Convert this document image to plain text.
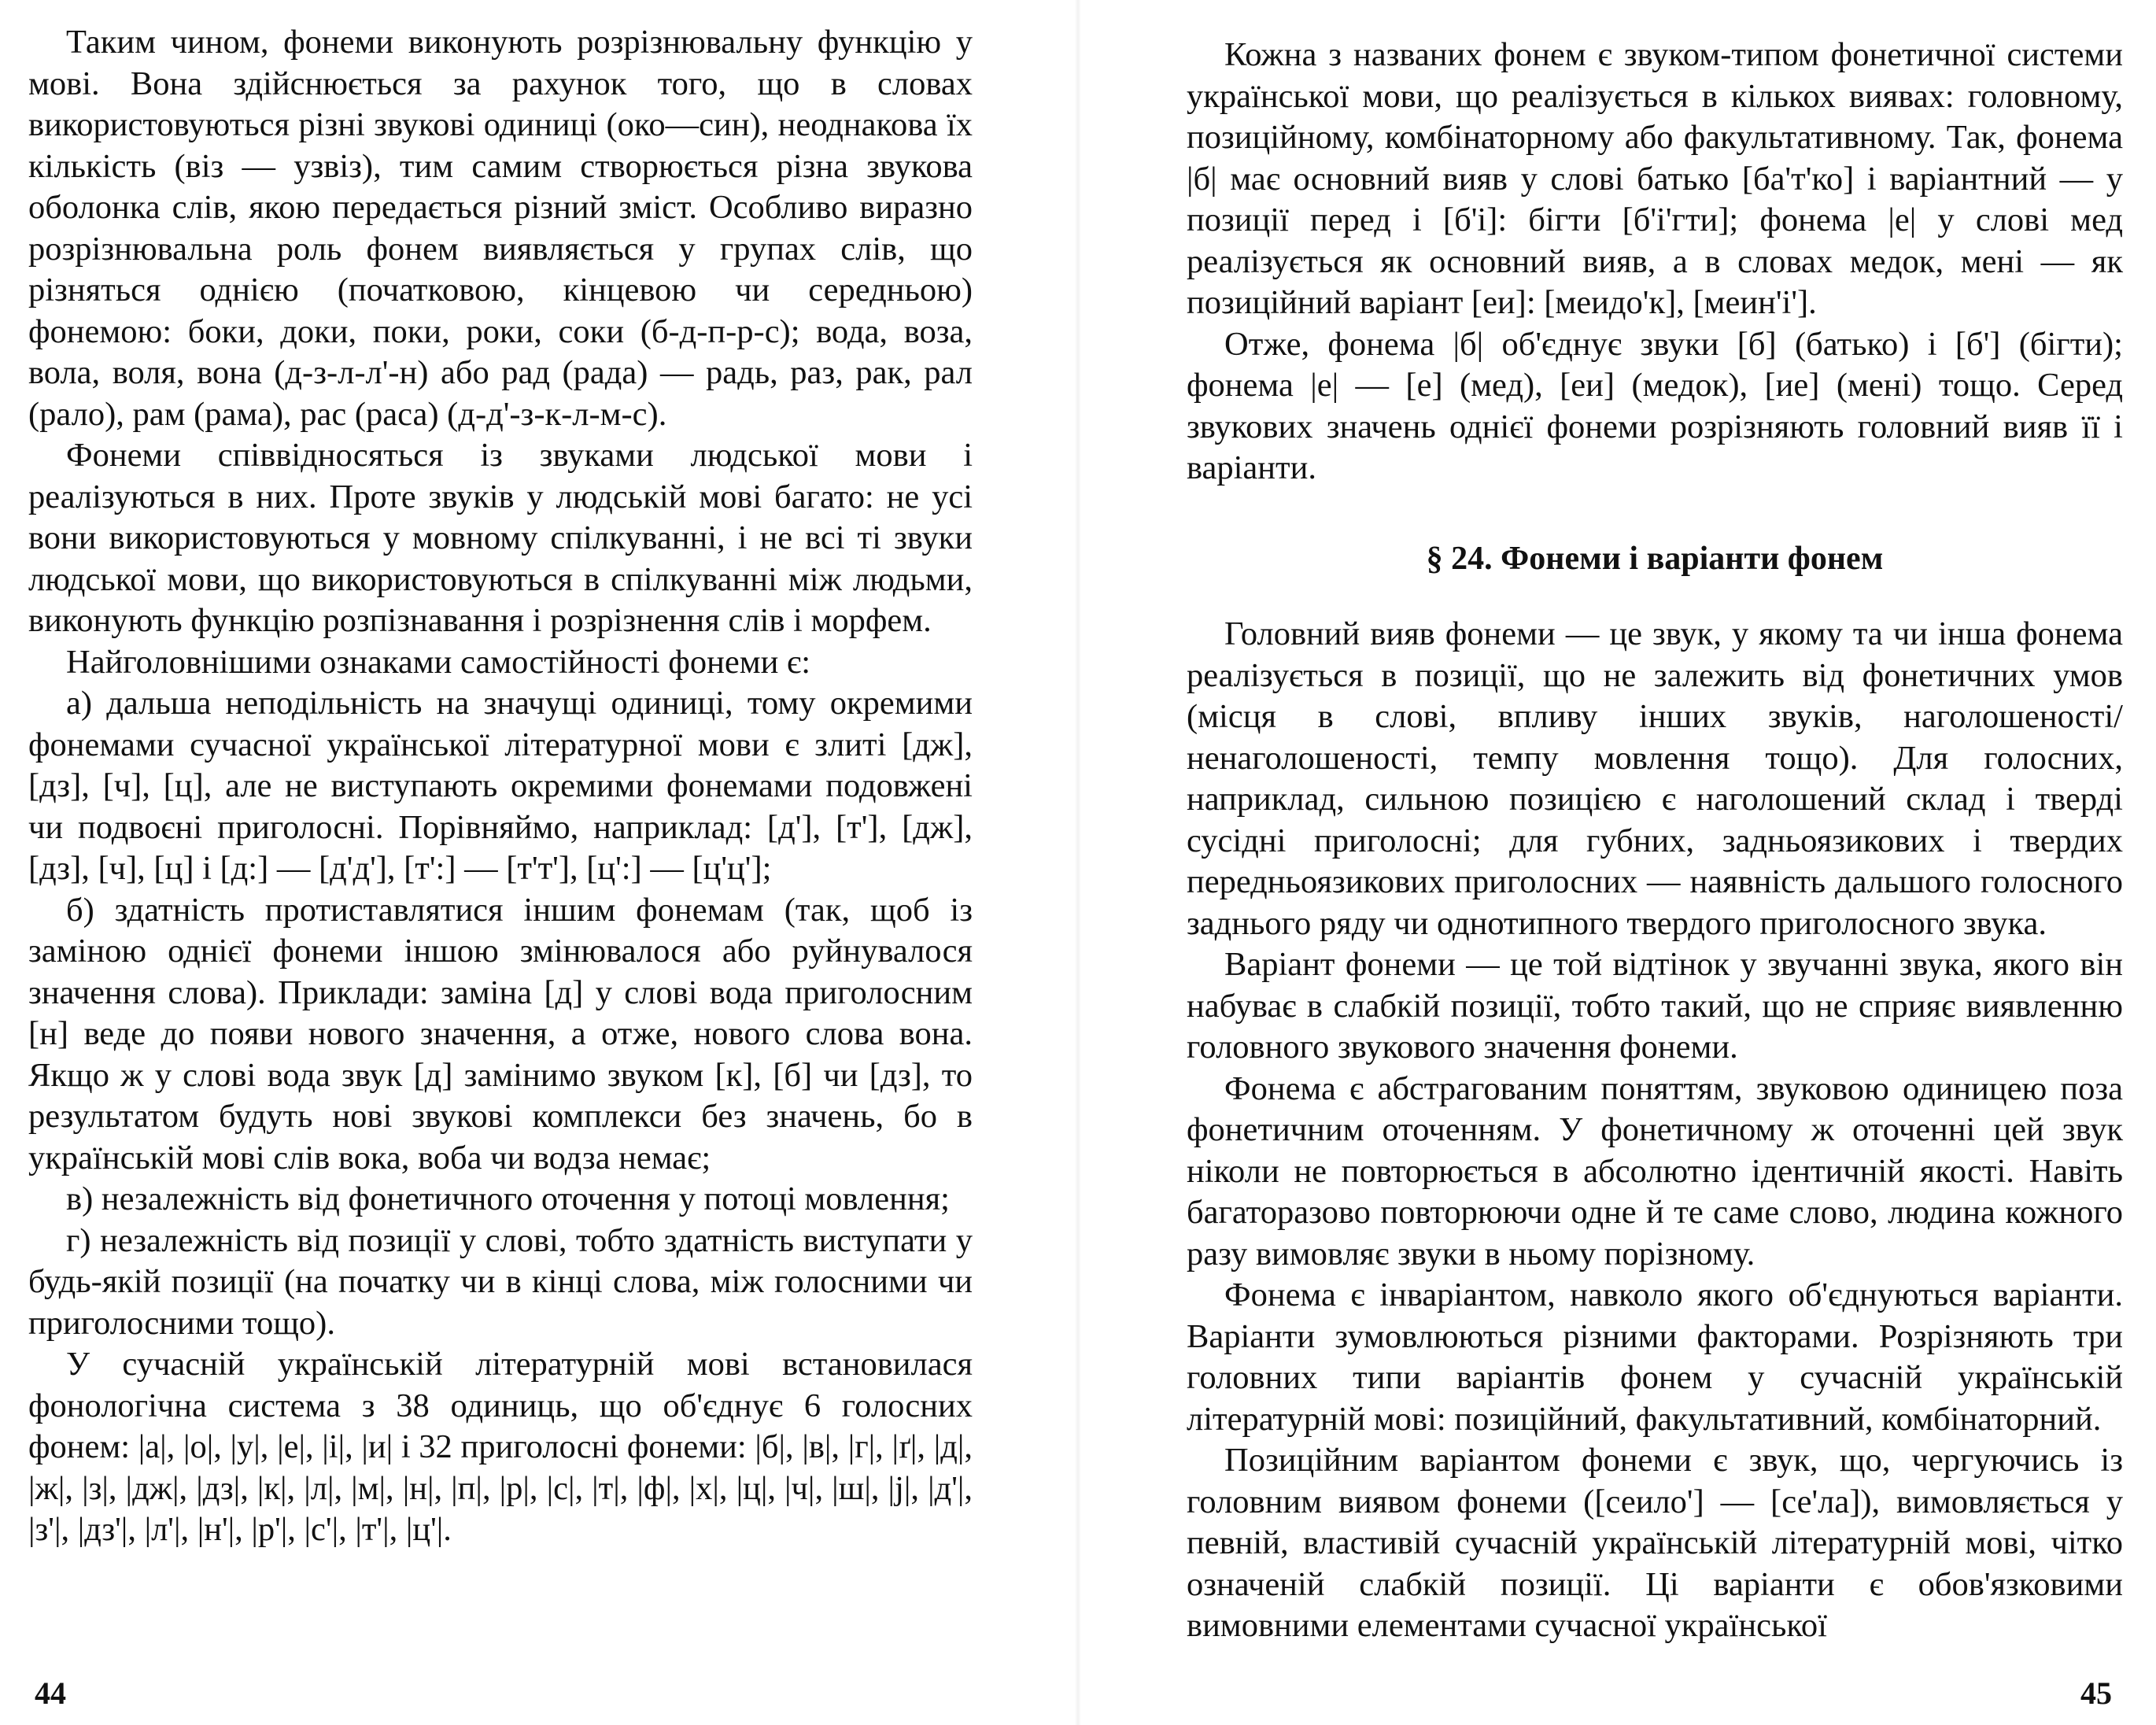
Таким чином, фонеми виконують розрізнювальну функцію у мові. Вона здійснюється за рахунок того, що в словах використовуються різні звукові одиниці (око—син), неоднакова їх кількість (віз — узвіз), тим самим створюється різна звукова оболонка слів, якою передається різний зміст. Особливо виразно розрізнювальна роль фонем виявляється у групах слів, що різняться однією (початковою, кінцевою чи середньою) фонемою: боки, доки, поки, роки, соки (б-д-п-р-с); вода, воза, вола, воля, вона (д-з-л-л'-н) або рад (рада) — радь, раз, рак, рал (рало), рам (рама), рас (раса) (д-д'-з-к-л-м-с).

Фонеми співвідносяться із звуками людської мови і реалізуються в них. Проте звуків у людській мові багато: не усі вони використовуються у мовному спілкуванні, і не всі ті звуки людської мови, що використовуються в спілкуванні між людьми, виконують функцію розпізнавання і розрізнення слів і морфем.

Найголовнішими ознаками самостійності фонеми є:

а) дальша неподільність на значущі одиниці, тому окремими фонемами сучасної української літературної мови є злиті [дж], [дз], [ч], [ц], але не виступають окремими фонемами подовжені чи подвоєні приголосні. Порівняймо, наприклад: [д'], [т'], [дж], [дз], [ч], [ц] і [д:] — [д'д'], [т':] — [т'т'], [ц':] — [ц'ц'];

б) здатність протиставлятися іншим фонемам (так, щоб із заміною однієї фонеми іншою змінювалося або руйнувалося значення слова). Приклади: заміна [д] у слові вода приголосним [н] веде до появи нового значення, а отже, нового слова вона. Якщо ж у слові вода звук [д] замінимо звуком [к], [б] чи [дз], то результатом будуть нові звукові комплекси без значень, бо в українській мові слів вока, воба чи водза немає;

в) незалежність від фонетичного оточення у потоці мовлення;

г) незалежність від позиції у слові, тобто здатність виступати у будь-якій позиції (на початку чи в кінці слова, між голосними чи приголосними тощо).

У сучасній українській літературній мові встановилася фонологічна система з 38 одиниць, що об'єднує 6 голосних фонем: |а|, |о|, |у|, |е|, |і|, |и| і 32 приголосні фонеми: |б|, |в|, |г|, |ґ|, |д|, |ж|, |з|, |дж|, |дз|, |к|, |л|, |м|, |н|, |п|, |р|, |с|, |т|, |ф|, |х|, |ц|, |ч|, |ш|, |j|, |д'|, |з'|, |дз'|, |л'|, |н'|, |р'|, |с'|, |т'|, |ц'|.

44

Кожна з названих фонем є звуком-типом фонетичної системи української мови, що реалізується в кількох виявах: головному, позиційному, комбінаторному або факультативному. Так, фонема |б| має основний вияв у слові батько [ба'т'ко] і варіантний — у позиції перед і [б'і]: бігти [б'і'гти]; фонема |е| у слові мед реалізується як основний вияв, а в словах медок, мені — як позиційний варіант [еи]: [меидо'к], [меин'і'].

Отже, фонема |б| об'єднує звуки [б] (батько) і [б'] (бігти); фонема |е| — [е] (мед), [еи] (медок), [ие] (мені) тощо. Серед звукових значень однієї фонеми розрізняють головний вияв її і варіанти.

§ 24. Фонеми і варіанти фонем

Головний вияв фонеми — це звук, у якому та чи інша фонема реалізується в позиції, що не залежить від фонетичних умов (місця в слові, впливу інших звуків, наголошеності/ненаголошеності, темпу мовлення тощо). Для голосних, наприклад, сильною позицією є наголошений склад і тверді сусідні приголосні; для губних, задньоязикових і твердих передньоязикових приголосних — наявність дальшого голосного заднього ряду чи однотипного твердого приголосного звука.

Варіант фонеми — це той відтінок у звучанні звука, якого він набуває в слабкій позиції, тобто такий, що не сприяє виявленню головного звукового значення фонеми.

Фонема є абстрагованим поняттям, звуковою одиницею поза фонетичним оточенням. У фонетичному ж оточенні цей звук ніколи не повторюється в абсолютно ідентичній якості. Навіть багаторазово повторюючи одне й те саме слово, людина кожного разу вимовляє звуки в ньому порізному.

Фонема є інваріантом, навколо якого об'єднуються варіанти. Варіанти зумовлюються різними факторами. Розрізняють три головних типи варіантів фонем у сучасній українській літературній мові: позиційний, факультативний, комбінаторний.

Позиційним варіантом фонеми є звук, що, чергуючись із головним виявом фонеми ([сеило'] — [се'ла]), вимовляється у певній, властивій сучасній українській літературній мові, чітко означеній слабкій позиції. Ці варіанти є обов'язковими вимовними елементами сучасної української

45
